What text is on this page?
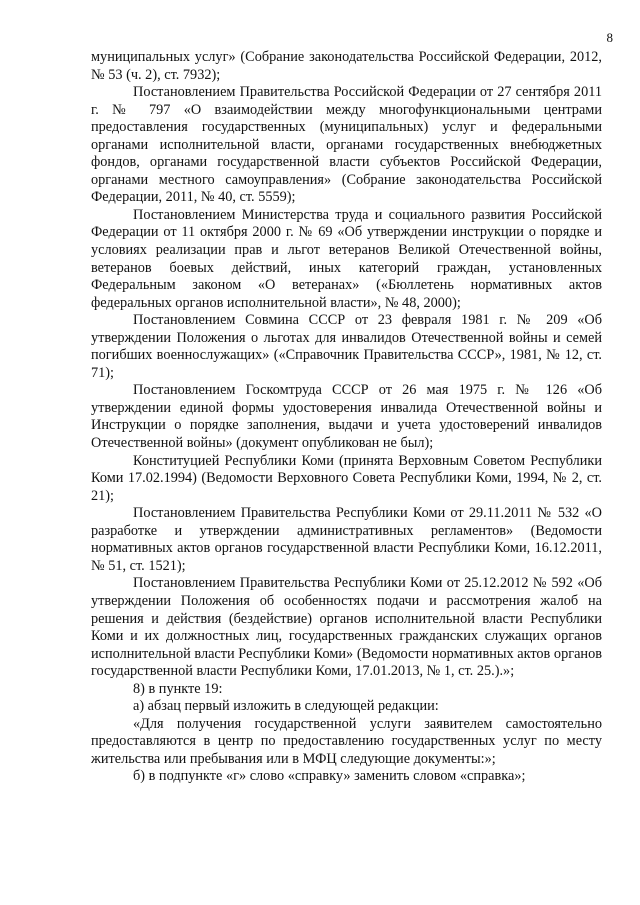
8

муниципальных услуг» (Собрание законодательства Российской Федерации, 2012, № 53 (ч. 2), ст. 7932);

Постановлением Правительства Российской Федерации от 27 сентября 2011 г. № 797 «О взаимодействии между многофункциональными центрами предоставления государственных (муниципальных) услуг и федеральными органами исполнительной власти, органами государственных внебюджетных фондов, органами государственной власти субъектов Российской Федерации, органами местного самоуправления» (Собрание законодательства Российской Федерации, 2011, № 40, ст. 5559);

Постановлением Министерства труда и социального развития Российской Федерации от 11 октября 2000 г. № 69 «Об утверждении инструкции о порядке и условиях реализации прав и льгот ветеранов Великой Отечественной войны, ветеранов боевых действий, иных категорий граждан, установленных Федеральным законом «О ветеранах» («Бюллетень нормативных актов федеральных органов исполнительной власти», № 48, 2000);

Постановлением Совмина СССР от 23 февраля 1981 г. № 209 «Об утверждении Положения о льготах для инвалидов Отечественной войны и семей погибших военнослужащих» («Справочник Правительства СССР», 1981, № 12, ст. 71);

Постановлением Госкомтруда СССР от 26 мая 1975 г. № 126 «Об утверждении единой формы удостоверения инвалида Отечественной войны и Инструкции о порядке заполнения, выдачи и учета удостоверений инвалидов Отечественной войны» (документ опубликован не был);

Конституцией Республики Коми (принята Верховным Советом Республики Коми 17.02.1994) (Ведомости Верховного Совета Республики Коми, 1994, № 2, ст. 21);

Постановлением Правительства Республики Коми от 29.11.2011 № 532 «О разработке и утверждении административных регламентов» (Ведомости нормативных актов органов государственной власти Республики Коми, 16.12.2011, № 51, ст. 1521);

Постановлением Правительства Республики Коми от 25.12.2012 № 592 «Об утверждении Положения об особенностях подачи и рассмотрения жалоб на решения и действия (бездействие) органов исполнительной власти Республики Коми и их должностных лиц, государственных гражданских служащих органов исполнительной власти Республики Коми» (Ведомости нормативных актов органов государственной власти Республики Коми, 17.01.2013, № 1, ст. 25.).»;

8) в пункте 19:

а) абзац первый изложить в следующей редакции:

«Для получения государственной услуги заявителем самостоятельно предоставляются в центр по предоставлению государственных услуг по месту жительства или пребывания или в МФЦ следующие документы:»;

б) в подпункте «г» слово «справку» заменить словом «справка»;
